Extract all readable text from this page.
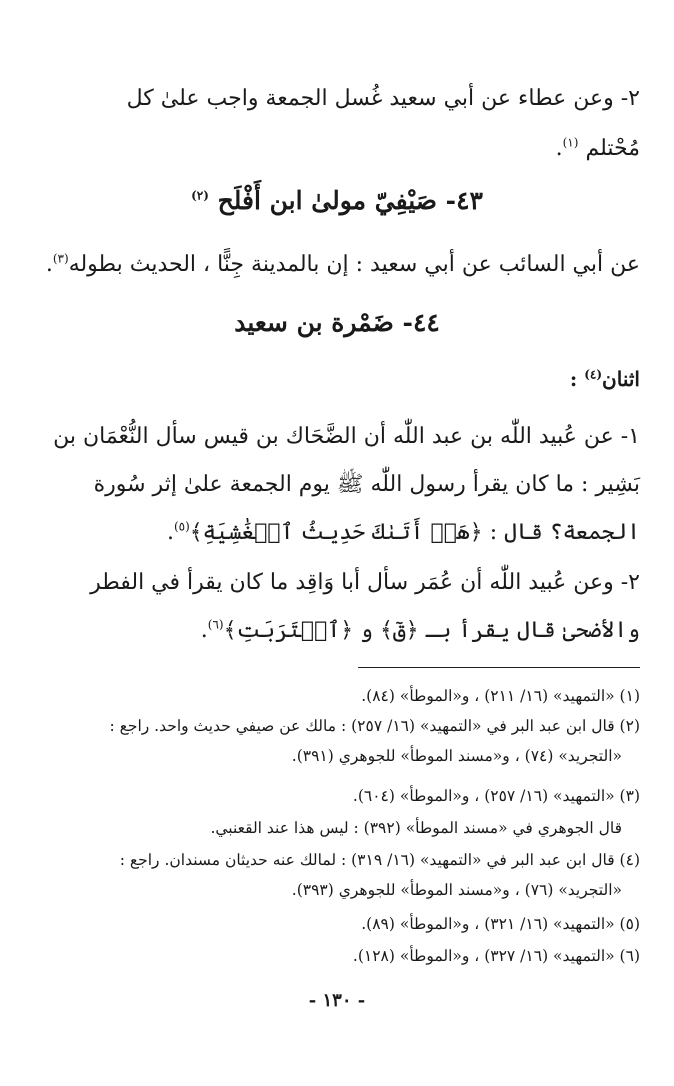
٢- وعن عطاء عن أبي سعيد غُسل الجمعة واجب علىٰ كل
مُحْتلم $^{(١)}$.
٤٣- صَيْفِيّ مولىٰ ابن أَفْلَح $^{(٢)}$
عن أبي السائب عن أبي سعيد : إن بالمدينة جِنًّا ، الحديث بطوله$^{(٣)}$.
٤٤- ضَمْرة بن سعيد
اثنان$^{(٤)}$ :
١- عن عُبيد اللّٰه بن عبد اللّٰه أن الضَّحَاك بن قيس سأل النُّعْمَان بن
بَشِير : ما كان يقرأ رسول اللّٰه ﷺ يوم الجمعة علىٰ إثر سُورة
الجمعة؟ قال : ﴿هَلۡ أَتَىٰكَ حَدِيثُ ٱلۡغَٰشِيَةِ﴾$^{(٥)}$.
٢- وعن عُبيد اللّٰه أن عُمَر سأل أبا وَاقِد ما كان يقرأ في الفطر
والأضحىٰ قال يقرأ بـ ﴿قٓ﴾ و ﴿ٱقۡتَرَبَتِ﴾$^{(٦)}$.
(١) «التمهيد» (١٦/ ٢١١) ، و«الموطأ» (٨٤).
(٢) قال ابن عبد البر في «التمهيد» (١٦/ ٢٥٧) : مالك عن صيفي حديث واحد. راجع :
«التجريد» (٧٤) ، و«مسند الموطأ» للجوهري (٣٩١).
(٣) «التمهيد» (١٦/ ٢٥٧) ، و«الموطأ» (٦٠٤).
قال الجوهري في «مسند الموطأ» (٣٩٢) : ليس هذا عند القعنبي.
(٤) قال ابن عبد البر في «التمهيد» (١٦/ ٣١٩) : لمالك عنه حديثان مسندان. راجع :
«التجريد» (٧٦) ، و«مسند الموطأ» للجوهري (٣٩٣).
(٥) «التمهيد» (١٦/ ٣٢١) ، و«الموطأ» (٨٩).
(٦) «التمهيد» (١٦/ ٣٢٧) ، و«الموطأ» (١٢٨).
- ١٣٠ -
